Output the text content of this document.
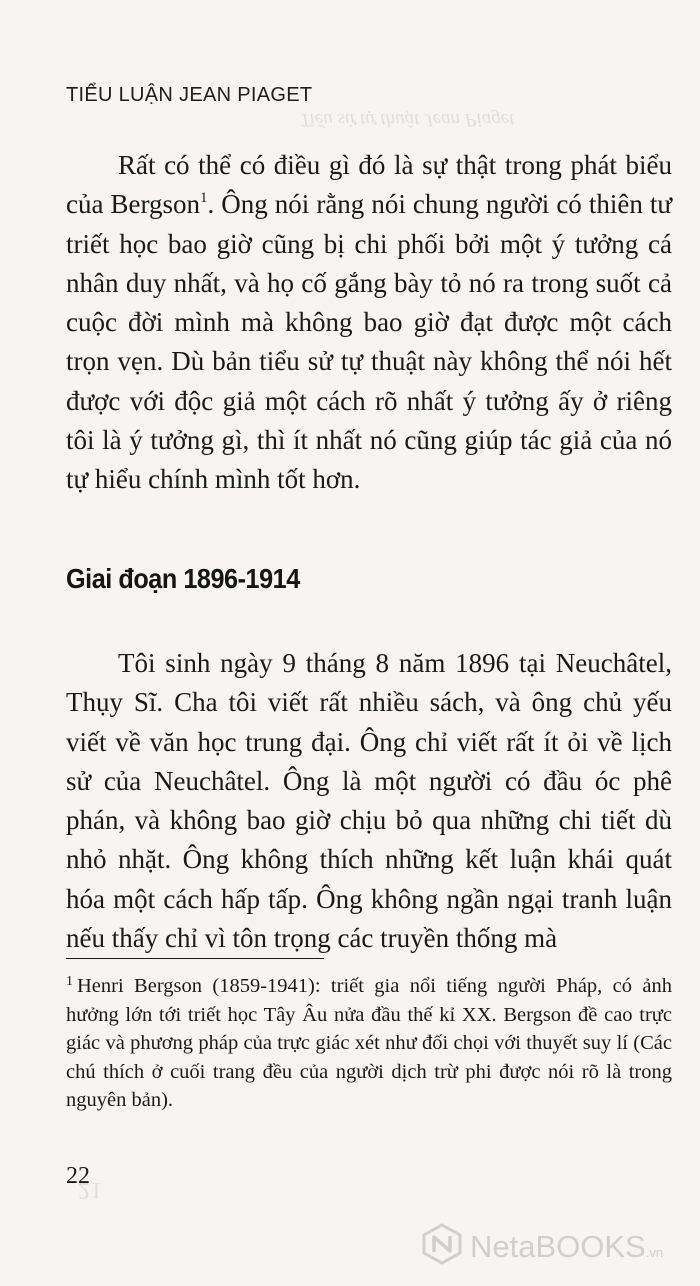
Tiểu sử tự thuật Jean Piaget
21
TIỂU LUẬN JEAN PIAGET

Rất có thể có điều gì đó là sự thật trong phát biểu của Bergson$^1$. Ông nói rằng nói chung người có thiên tư triết học bao giờ cũng bị chi phối bởi một ý tưởng cá nhân duy nhất, và họ cố gắng bày tỏ nó ra trong suốt cả cuộc đời mình mà không bao giờ đạt được một cách trọn vẹn. Dù bản tiểu sử tự thuật này không thể nói hết được với độc giả một cách rõ nhất ý tưởng ấy ở riêng tôi là ý tưởng gì, thì ít nhất nó cũng giúp tác giả của nó tự hiểu chính mình tốt hơn.

Giai đoạn 1896-1914

Tôi sinh ngày 9 tháng 8 năm 1896 tại Neuchâtel, Thụy Sĩ. Cha tôi viết rất nhiều sách, và ông chủ yếu viết về văn học trung đại. Ông chỉ viết rất ít ỏi về lịch sử của Neuchâtel. Ông là một người có đầu óc phê phán, và không bao giờ chịu bỏ qua những chi tiết dù nhỏ nhặt. Ông không thích những kết luận khái quát hóa một cách hấp tấp. Ông không ngần ngại tranh luận nếu thấy chỉ vì tôn trọng các truyền thống mà

$^1$ Henri Bergson (1859-1941): triết gia nổi tiếng người Pháp, có ảnh hưởng lớn tới triết học Tây Âu nửa đầu thế kỉ XX. Bergson đề cao trực giác và phương pháp của trực giác xét như đối chọi với thuyết suy lí (Các chú thích ở cuối trang đều của người dịch trừ phi được nói rõ là trong nguyên bản).

22
NetaBOOKS.vn
